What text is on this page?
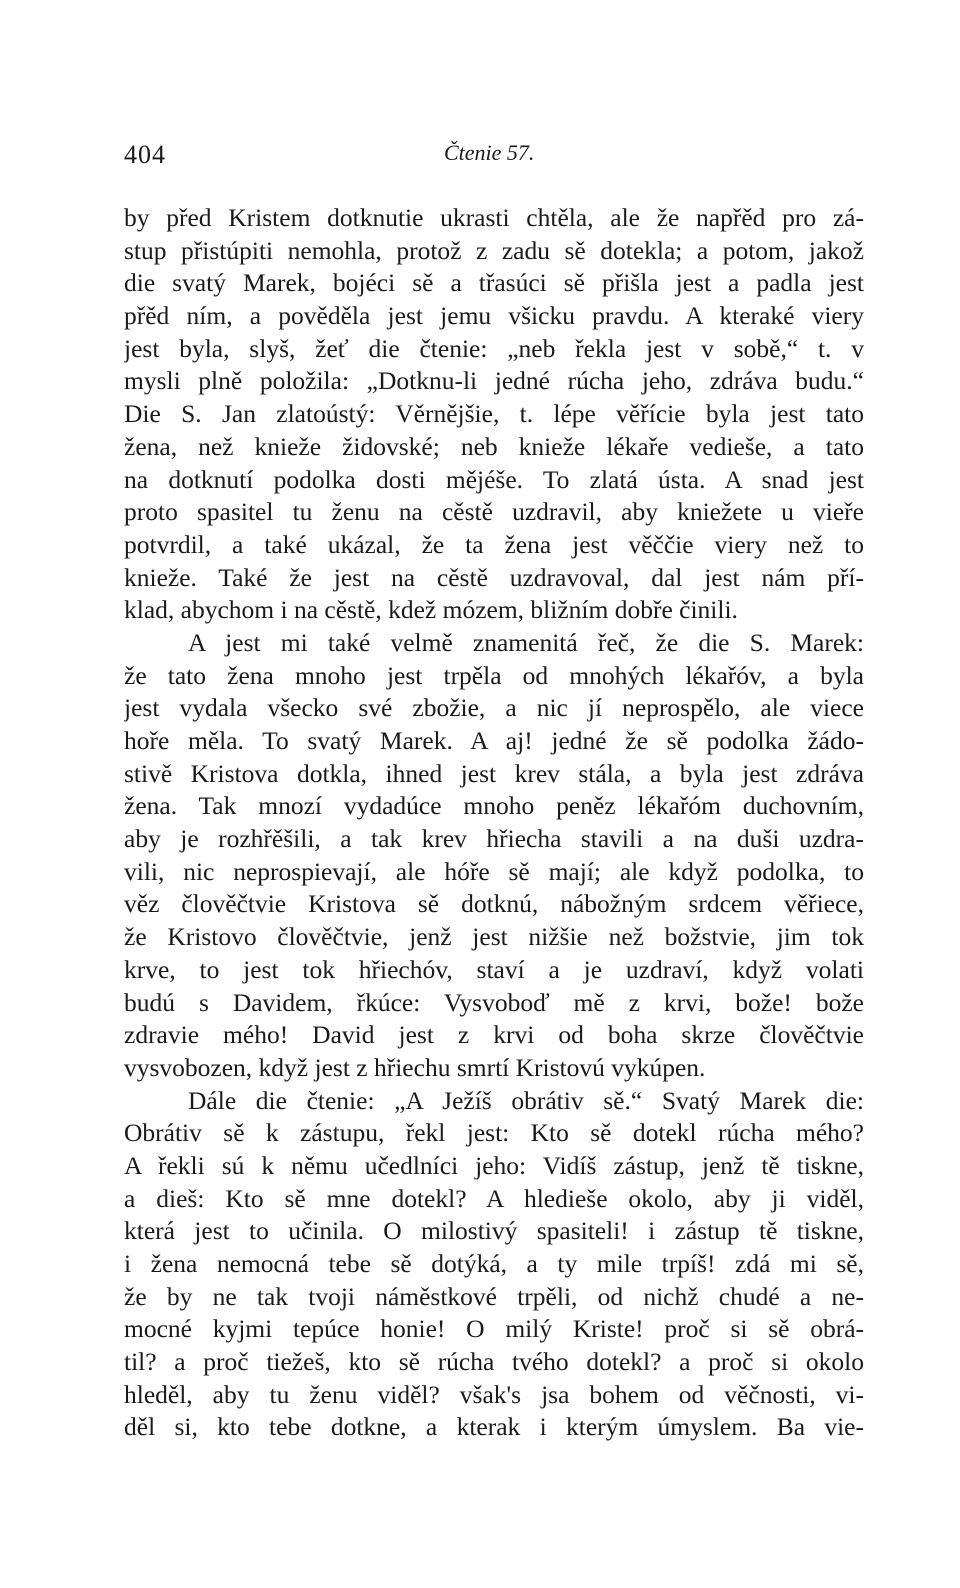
404	Čtenie 57.
by před Kristem dotknutie ukrasti chtěla, ale že napřěd pro zá-
stup přistúpiti nemohla, protož z zadu sě dotekla; a potom, jakož
die svatý Marek, bojéci sě a třasúci sě přišla jest a padla jest
přěd ním, a pověděla jest jemu všicku pravdu. A kteraké viery
jest byla, slyš, žeť die čtenie: „neb řekla jest v sobě,“ t. v
mysli plně položila: „Dotknu-li jedné rúcha jeho, zdráva budu.“
Die S. Jan zlatoústý: Věrnějšie, t. lépe věřície byla jest tato
žena, než knieže židovské; neb knieže lékaře vedieše, a tato
na dotknutí podolka dosti mějéše. To zlatá ústa. A snad jest
proto spasitel tu ženu na cěstě uzdravil, aby kniežete u vieře
potvrdil, a také ukázal, že ta žena jest věččie viery než to
knieže. Také že jest na cěstě uzdravoval, dal jest nám pří-
klad, abychom i na cěstě, kdež mózem, bližním dobře činili.
A jest mi také velmě znamenitá řeč, že die S. Marek:
že tato žena mnoho jest trpěla od mnohých lékařóv, a byla
jest vydala všecko své zbožie, a nic jí neprospělo, ale viece
hoře měla. To svatý Marek. A aj! jedné že sě podolka žádo-
stivě Kristova dotkla, ihned jest krev stála, a byla jest zdráva
žena. Tak mnozí vydadúce mnoho peněz lékařóm duchovním,
aby je rozhřěšili, a tak krev hřiecha stavili a na duši uzdra-
vili, nic neprospievají, ale hóře sě mají; ale když podolka, to
věz člověčtvie Kristova sě dotknú, nábožným srdcem věřiece,
že Kristovo člověčtvie, jenž jest nižšie než božstvie, jim tok
krve, to jest tok hřiechóv, staví a je uzdraví, když volati
budú s Davidem, řkúce: Vysvoboď mě z krvi, bože! bože
zdravie mého! David jest z krvi od boha skrze člověčtvie
vysvobozen, když jest z hřiechu smrtí Kristovú vykúpen.
Dále die čtenie: „A Ježíš obrátiv sě.“ Svatý Marek die:
Obrátiv sě k zástupu, řekl jest: Kto sě dotekl rúcha mého?
A řekli sú k němu učedlníci jeho: Vidíš zástup, jenž tě tiskne,
a dieš: Kto sě mne dotekl? A hledieše okolo, aby ji viděl,
která jest to učinila. O milostivý spasiteli! i zástup tě tiskne,
i žena nemocná tebe sě dotýká, a ty mile trpíš! zdá mi sě,
že by ne tak tvoji náměstkové trpěli, od nichž chudé a ne-
mocné kyjmi tepúce honie! O milý Kriste! proč si sě obrá-
til? a proč tiežeš, kto sě rúcha tvého dotekl? a proč si okolo
hleděl, aby tu ženu viděl? však's jsa bohem od věčnosti, vi-
děl si, kto tebe dotkne, a kterak i kterým úmyslem. Ba vie-
